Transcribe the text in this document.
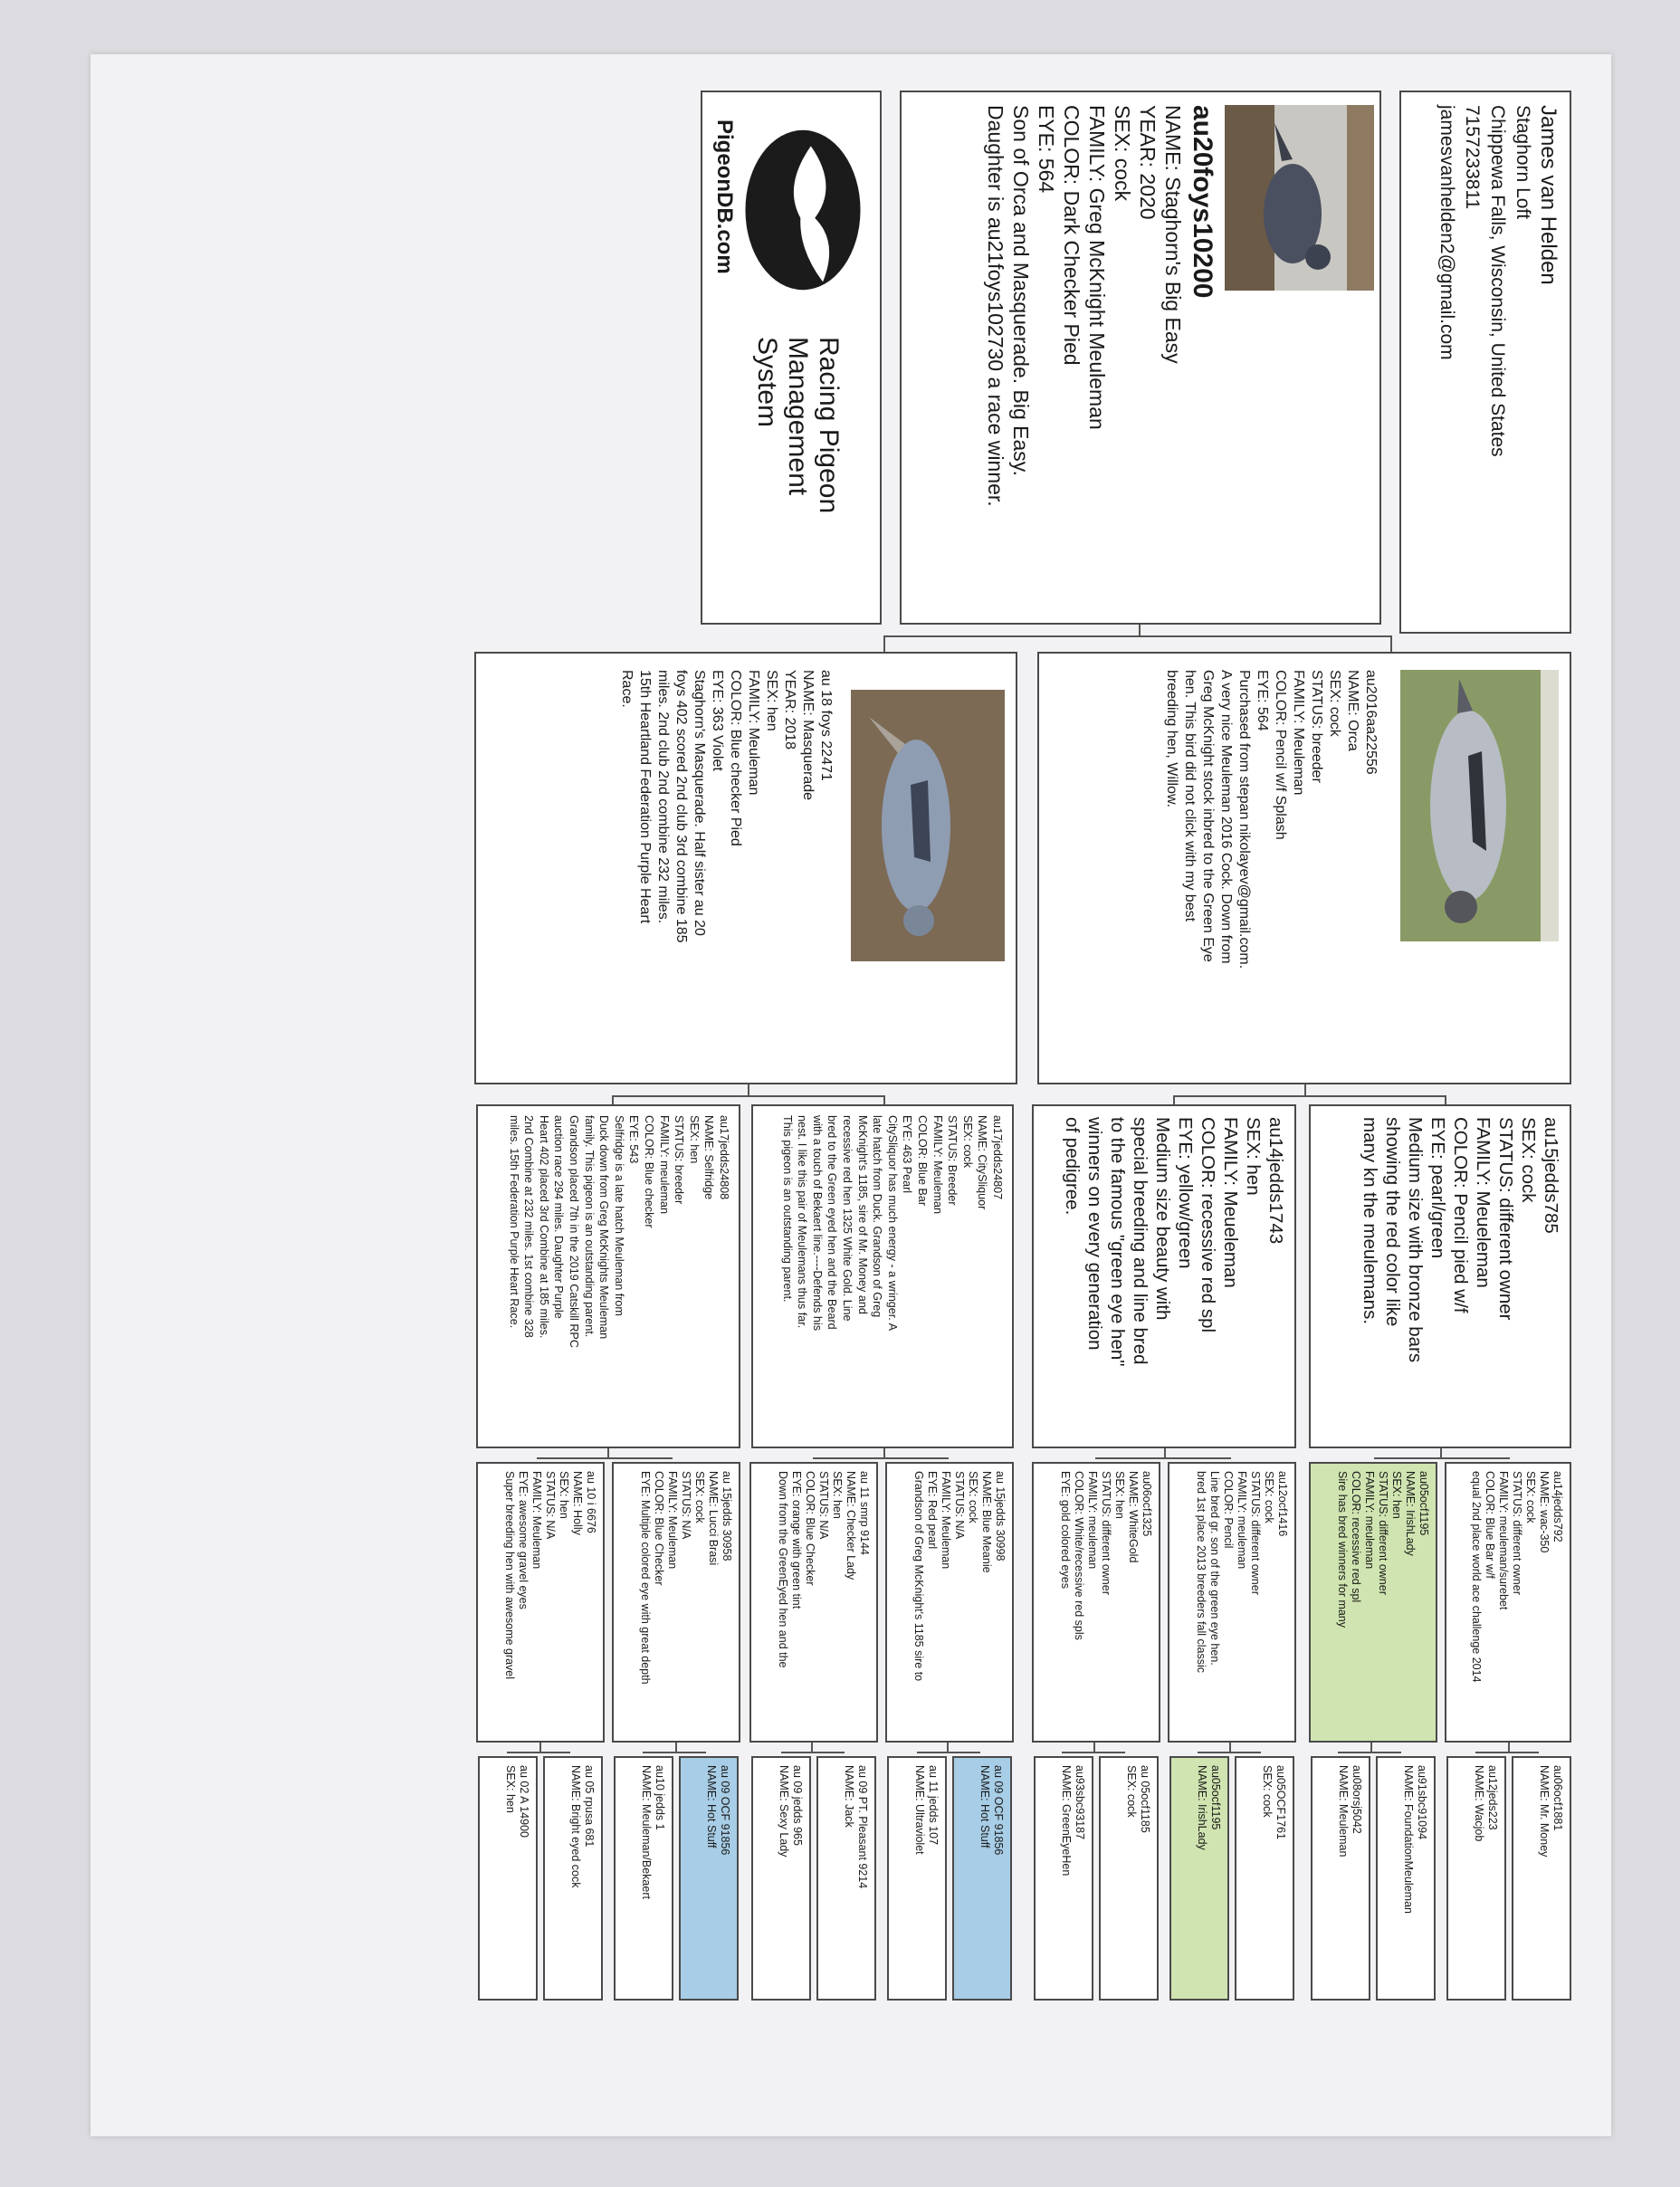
James van Helden
Staghorn Loft
Chippewa Falls, Wisconsin, United States
7157233811
jamesvanhelden2@gmail.com
au20foys10200
NAME: Staghorn's Big Easy
YEAR: 2020
SEX: cock
FAMILY: Greg McKnight Meuleman
COLOR: Dark Checker Pied
EYE: 564
Son of Orca and Masquerade. Big Easy.
Daughter is au21foys102730 a race winner.
PigeonDB.com
Racing Pigeon
Management
System
au2016aa22556
NAME: Orca
SEX: cock
STATUS: breeder
FAMILY: Meuleman
COLOR: Pencil w/f Splash
EYE: 564
Purchased from stepan nikolayev@gmail.com.
A very nice Meuleman 2016 Cock. Down from
Greg McKnight stock inbred to the Green Eye
hen. This bird did not click with my best
breeding hen, Willow.
au 18 foys 22471
NAME: Masquerade
YEAR: 2018
SEX: hen
FAMILY: Meuleman
COLOR: Blue checker Pied
EYE: 363 Violet
Staghorn's Masquerade. Half sister au 20
foys 402 scored 2nd club 3rd combine 185
miles. 2nd club 2nd combine 232 miles.
15th Heartland Federation Purple Heart
Race.
au15jedds785
SEX: cock
STATUS: different owner
FAMILY: Meueleman
COLOR: Pencil pied w/f
EYE: pearl/green
Medium size with bronze bars
showing the red color like
many kn the meulemans.
au14jedds1743
SEX: hen
FAMILY: Meueleman
COLOR: recessive red spl
EYE: yellow/green
Medium size beauty with
special breeding and line bred
to the famous "green eye hen"
winners on every generation
of pedigree.
au17jedds24807
NAME: CitySliquor
SEX: cock
STATUS: Breeder
FAMILY: Meuleman
COLOR: Blue Bar
EYE: 463 Pearl
CitySliquor has much energy - a wringer. A
late hatch from Duck. Grandson of Greg
McKnight's 1185, sire of Mr. Money and
recessive red hen 1325 White Gold. Line
bred to the Green eyed hen and the Beard
with a touch of Bekaert line.----Defends his
nest. I like this pair of Meulemans thus far.
This pigeon is an outstanding parent.
au17jedds24808
NAME: Selfridge
SEX: hen
STATUS: breeder
FAMILY: meuleman
COLOR: Blue checker
EYE: 543
Selfridge is a late hatch Meuleman from
Duck down from Greg McKnights Meuleman
family. This pigeon is an outstanding parent.
Grandson placed 7th in the 2019 Catskill RPC
auction race 294 miles. Daughter Purple
Heart 402 placed 3rd Combine at 185 miles.
2nd Combine at 232 miles. 1st combine 328
miles. 15th Federation Purple Heart Race.
au14jedds792
NAME: wac-350
SEX: cock
STATUS: different owner
FAMILY: meuleman/surebet
COLOR: Blue Bar w/f
equal 2nd place world ace challenge 2014
au05ocf1195
NAME: IrishLady
SEX: hen
STATUS: different owner
FAMILY: meuleman
COLOR: recessive red spl
Sire has bred winners for many
au12ocf1416
SEX: cock
STATUS: different owner
FAMILY: meuleman
COLOR: Pencil
Line bred gr. son of the green eye hen.
bred 1st place 2013 breeders fall classic
au06ocf1325
NAME: WhiteGold
SEX: hen
STATUS: different owner
FAMILY: meuleman
COLOR: White/recessive red spls
EYE: gold colored eyes
au 15jedds 30998
NAME: Blue Meanie
SEX: cock
STATUS: N/A
FAMILY: Meuleman
EYE: Red pearl
Grandson of Greg McKnight's 1185 sire to
au 11 smrp 9144
NAME: Checker Lady
SEX: hen
STATUS: N/A
COLOR: Blue Checker
EYE: orange with green tint
Down from the GreenEyed hen and the
au 15jedds 30958
NAME: Lucci Brasi
SEX: cock
STATUS: N/A
FAMILY: Meuleman
COLOR: Blue Checker
EYE: Multiple colored eye with great depth
au 10 i 6676
NAME: Holly
SEX: hen
STATUS: N/A
FAMILY: Meuleman
EYE: awesome gravel eyes
Super breeding hen with awesome gravel
au06ocf1881
NAME: Mr. Money
au12jeds223
NAME: Wacjob
au91sbc91094
NAME: FoundationMeuleman
au08orsj5042
NAME: Meuleman
au05OCF1761
SEX: cock
au05ocf1195
NAME: IrishLady
au 05ocf1185
SEX: cock
au93sbc93187
NAME: GreenEyeHen
au 09 OCF 91856
NAME: Hot Stuff
au 11 jedds 107
NAME: Ultraviolet
au 09 PT. Pleasant 9214
NAME: Jack
au 09 jedds 965
NAME: Sexy Lady
au 09 OCF 91856
NAME: Hot Stuff
au10 jedds 1
NAME: Meuleman/Bekaert
au 05 rpusa 681
NAME: Bright eyed cock
au 02 A 14900
SEX: hen
